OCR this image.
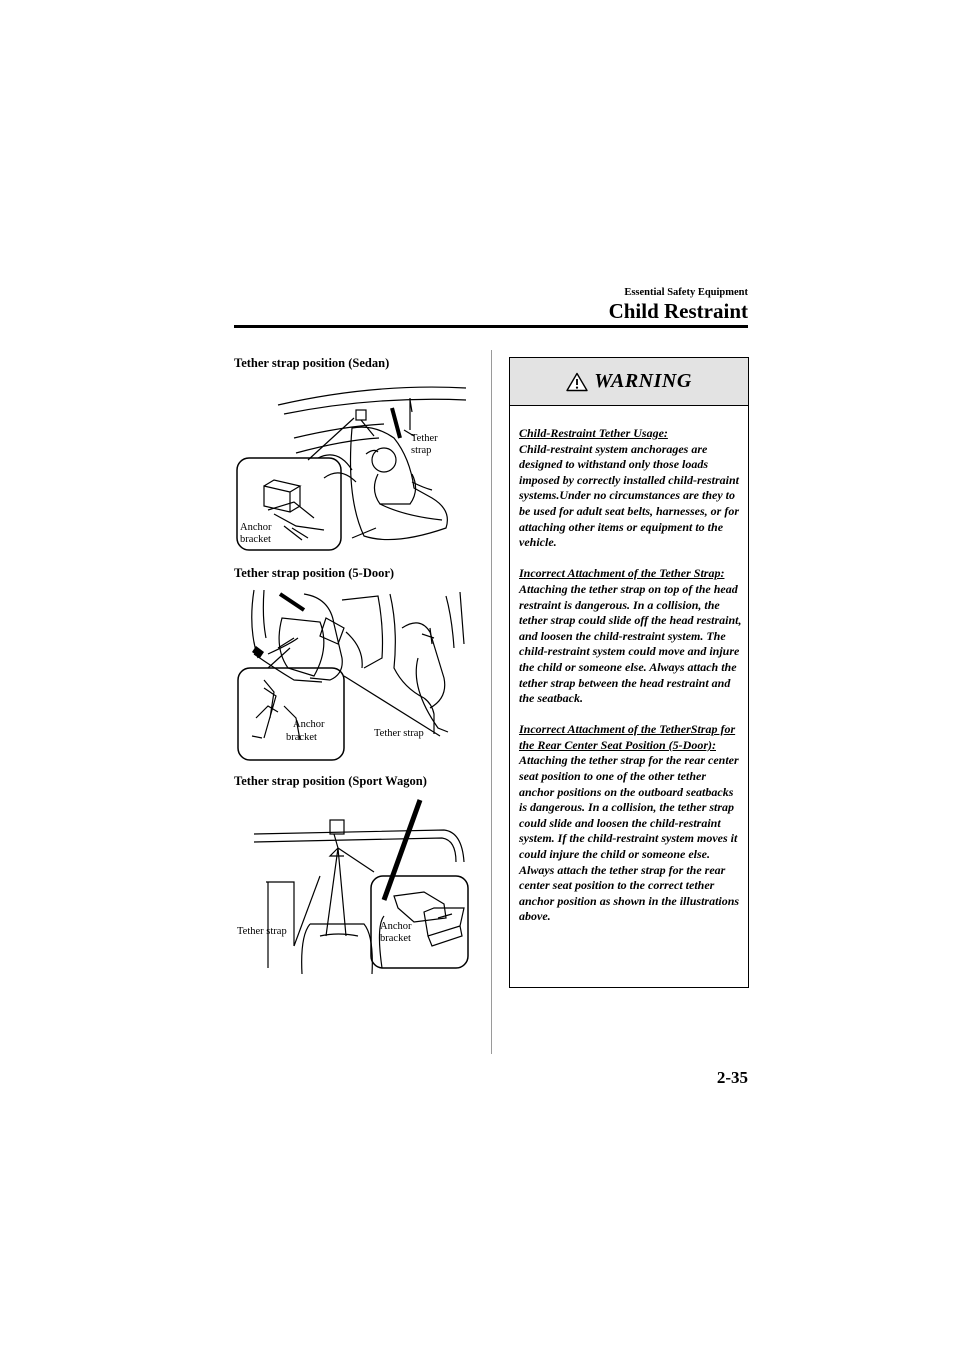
Essential Safety Equipment
Child Restraint
Tether strap position (Sedan)
Tether
strap
Anchor
bracket
Tether strap position (5-Door)
Anchor
bracket	Tether strap
Tether strap position (Sport Wagon)
Tether strap	Anchor
bracket
WARNING
Child-Restraint Tether Usage:
Child-restraint system anchorages are designed to withstand only those loads imposed by correctly installed child-restraint systems.Under no circumstances are they to be used for adult seat belts, harnesses, or for attaching other items or equipment to the vehicle.
Incorrect Attachment of the Tether Strap:
Attaching the tether strap on top of the head restraint is dangerous. In a collision, the tether strap could slide off the head restraint, and loosen the child-restraint system. The child-restraint system could move and injure the child or someone else. Always attach the tether strap between the head restraint and the seatback.
Incorrect Attachment of the TetherStrap for the Rear Center Seat Position (5-Door):
Attaching the tether strap for the rear center seat position to one of the other tether anchor positions on the outboard seatbacks is dangerous. In a collision, the tether strap could slide and loosen the child-restraint system. If the child-restraint system moves it could injure the child or someone else. Always attach the tether strap for the rear center seat position to the correct tether anchor position as shown in the illustrations above.
2-35
